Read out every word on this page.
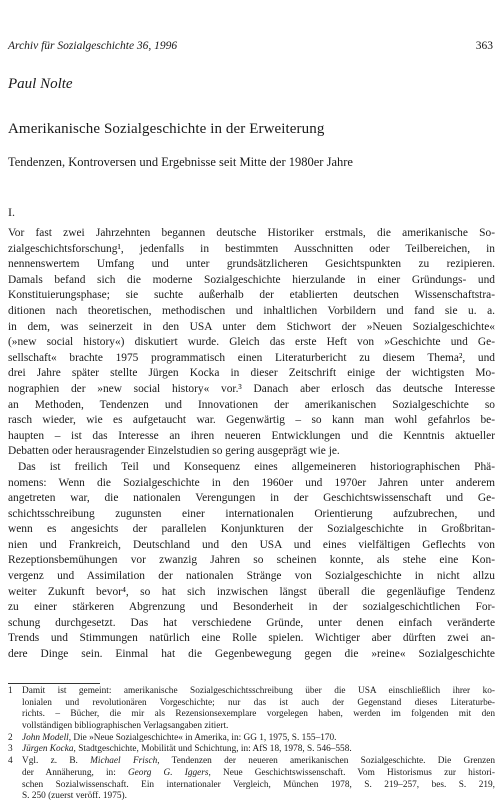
Archiv für Sozialgeschichte 36, 1996	363
Paul Nolte
Amerikanische Sozialgeschichte in der Erweiterung
Tendenzen, Kontroversen und Ergebnisse seit Mitte der 1980er Jahre
I.
Vor fast zwei Jahrzehnten begannen deutsche Historiker erstmals, die amerikanische So-
zialgeschichtsforschung¹, jedenfalls in bestimmten Ausschnitten oder Teilbereichen, in
nennenswertem Umfang und unter grundsätzlicheren Gesichtspunkten zu rezipieren.
Damals befand sich die moderne Sozialgeschichte hierzulande in einer Gründungs- und
Konstituierungsphase; sie suchte außerhalb der etablierten deutschen Wissenschaftstra-
ditionen nach theoretischen, methodischen und inhaltlichen Vorbildern und fand sie u. a.
in dem, was seinerzeit in den USA unter dem Stichwort der »Neuen Sozialgeschichte«
(»new social history«) diskutiert wurde. Gleich das erste Heft von »Geschichte und Ge-
sellschaft« brachte 1975 programmatisch einen Literaturbericht zu diesem Thema², und
drei Jahre später stellte Jürgen Kocka in dieser Zeitschrift einige der wichtigsten Mo-
nographien der »new social history« vor.³ Danach aber erlosch das deutsche Interesse
an Methoden, Tendenzen und Innovationen der amerikanischen Sozialgeschichte so
rasch wieder, wie es aufgetaucht war. Gegenwärtig – so kann man wohl gefahrlos be-
haupten – ist das Interesse an ihren neueren Entwicklungen und die Kenntnis aktueller
Debatten oder herausragender Einzelstudien so gering ausgeprägt wie je.
Das ist freilich Teil und Konsequenz eines allgemeineren historiographischen Phä-
nomens: Wenn die Sozialgeschichte in den 1960er und 1970er Jahren unter anderem
angetreten war, die nationalen Verengungen in der Geschichtswissenschaft und Ge-
schichtsschreibung zugunsten einer internationalen Orientierung aufzubrechen, und
wenn es angesichts der parallelen Konjunkturen der Sozialgeschichte in Großbritan-
nien und Frankreich, Deutschland und den USA und eines vielfältigen Geflechts von
Rezeptionsbemühungen vor zwanzig Jahren so scheinen konnte, als stehe eine Kon-
vergenz und Assimilation der nationalen Stränge von Sozialgeschichte in nicht allzu
weiter Zukunft bevor⁴, so hat sich inzwischen längst überall die gegenläufige Tendenz
zu einer stärkeren Abgrenzung und Besonderheit in der sozialgeschichtlichen For-
schung durchgesetzt. Das hat verschiedene Gründe, unter denen einfach veränderte
Trends und Stimmungen natürlich eine Rolle spielen. Wichtiger aber dürften zwei an-
dere Dinge sein. Einmal hat die Gegenbewegung gegen die »reine« Sozialgeschichte
1 Damit ist gemeint: amerikanische Sozialgeschichtsschreibung über die USA einschließlich ihrer ko-
lonialen und revolutionären Vorgeschichte; nur das ist auch der Gegenstand dieses Literaturbe-
richts. – Bücher, die mir als Rezensionsexemplare vorgelegen haben, werden im folgenden mit den
vollständigen bibliographischen Verlagsangaben zitiert.
2 John Modell, Die »Neue Sozialgeschichte« in Amerika, in: GG 1, 1975, S. 155–170.
3 Jürgen Kocka, Stadtgeschichte, Mobilität und Schichtung, in: AfS 18, 1978, S. 546–558.
4 Vgl. z. B. Michael Frisch, Tendenzen der neueren amerikanischen Sozialgeschichte. Die Grenzen
der Annäherung, in: Georg G. Iggers, Neue Geschichtswissenschaft. Vom Historismus zur histori-
schen Sozialwissenschaft. Ein internationaler Vergleich, München 1978, S. 219–257, bes. S. 219,
S. 250 (zuerst veröff. 1975).
